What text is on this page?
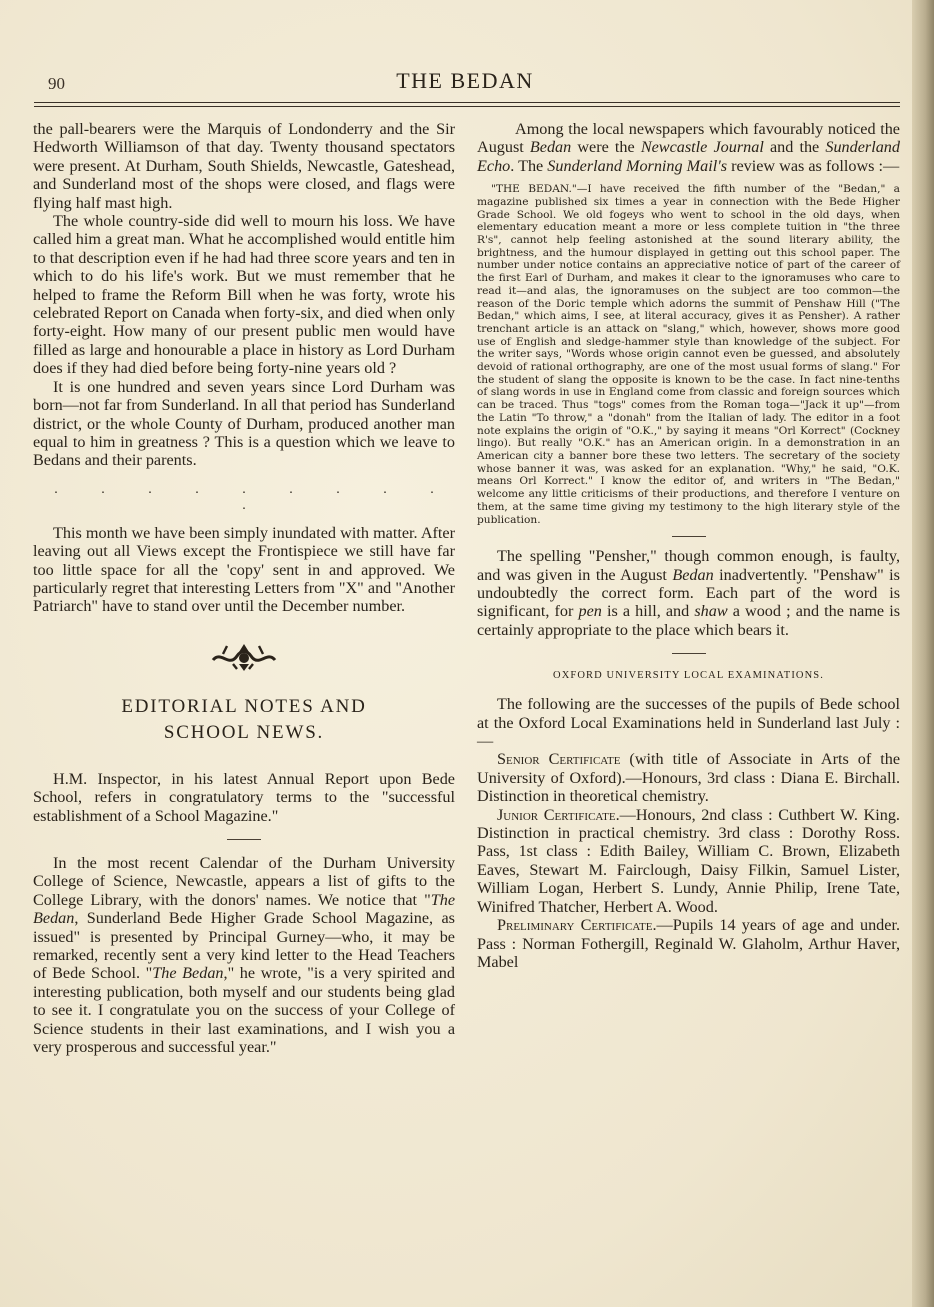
90	THE BEDAN

the pall-bearers were the Marquis of Londonderry and the Sir Hedworth Williamson of that day. Twenty thousand spectators were present. At Durham, South Shields, Newcastle, Gateshead, and Sunderland most of the shops were closed, and flags were flying half mast high.

The whole country-side did well to mourn his loss. We have called him a great man. What he accomplished would entitle him to that description even if he had had three score years and ten in which to do his life's work. But we must remember that he helped to frame the Reform Bill when he was forty, wrote his celebrated Report on Canada when forty-six, and died when only forty-eight. How many of our present public men would have filled as large and honourable a place in history as Lord Durham does if they had died before being forty-nine years old ?

It is one hundred and seven years since Lord Durham was born—not far from Sunderland. In all that period has Sunderland district, or the whole County of Durham, produced another man equal to him in greatness ? This is a question which we leave to Bedans and their parents.

. . . . . . . . . .

This month we have been simply inundated with matter. After leaving out all Views except the Frontispiece we still have far too little space for all the 'copy' sent in and approved. We particularly regret that interesting Letters from "X" and "Another Patriarch" have to stand over until the December number.

EDITORIAL NOTES AND
SCHOOL NEWS.

H.M. Inspector, in his latest Annual Report upon Bede School, refers in congratulatory terms to the "successful establishment of a School Magazine."

In the most recent Calendar of the Durham University College of Science, Newcastle, appears a list of gifts to the College Library, with the donors' names. We notice that "The Bedan, Sunderland Bede Higher Grade School Magazine, as issued" is presented by Principal Gurney—who, it may be remarked, recently sent a very kind letter to the Head Teachers of Bede School. "The Bedan," he wrote, "is a very spirited and interesting publication, both myself and our students being glad to see it. I congratulate you on the success of your College of Science students in their last examinations, and I wish you a very prosperous and successful year."

Among the local newspapers which favourably noticed the August Bedan were the Newcastle Journal and the Sunderland Echo. The Sunderland Morning Mail's review was as follows :—

"THE BEDAN."—I have received the fifth number of the "Bedan," a magazine published six times a year in connection with the Bede Higher Grade School. We old fogeys who went to school in the old days, when elementary education meant a more or less complete tuition in "the three R's", cannot help feeling astonished at the sound literary ability, the brightness, and the humour displayed in getting out this school paper. The number under notice contains an appreciative notice of part of the career of the first Earl of Durham, and makes it clear to the ignoramuses who care to read it—and alas, the ignoramuses on the subject are too common—the reason of the Doric temple which adorns the summit of Penshaw Hill ("The Bedan," which aims, I see, at literal accuracy, gives it as Pensher). A rather trenchant article is an attack on "slang," which, however, shows more good use of English and sledge-hammer style than knowledge of the subject. For the writer says, "Words whose origin cannot even be guessed, and absolutely devoid of rational orthography, are one of the most usual forms of slang." For the student of slang the opposite is known to be the case. In fact nine-tenths of slang words in use in England come from classic and foreign sources which can be traced. Thus "togs" comes from the Roman toga—"Jack it up"—from the Latin "To throw," a "donah" from the Italian of lady. The editor in a foot note explains the origin of "O.K.," by saying it means "Orl Korrect" (Cockney lingo). But really "O.K." has an American origin. In a demonstration in an American city a banner bore these two letters. The secretary of the society whose banner it was, was asked for an explanation. "Why," he said, "O.K. means Orl Korrect." I know the editor of, and writers in "The Bedan," welcome any little criticisms of their productions, and therefore I venture on them, at the same time giving my testimony to the high literary style of the publication.

The spelling "Pensher," though common enough, is faulty, and was given in the August Bedan inadvertently. "Penshaw" is undoubtedly the correct form. Each part of the word is significant, for pen is a hill, and shaw a wood ; and the name is certainly appropriate to the place which bears it.

OXFORD UNIVERSITY LOCAL EXAMINATIONS.

The following are the successes of the pupils of Bede school at the Oxford Local Examinations held in Sunderland last July :—

Senior Certificate (with title of Associate in Arts of the University of Oxford).—Honours, 3rd class : Diana E. Birchall. Distinction in theoretical chemistry.

Junior Certificate.—Honours, 2nd class : Cuthbert W. King. Distinction in practical chemistry. 3rd class : Dorothy Ross. Pass, 1st class : Edith Bailey, William C. Brown, Elizabeth Eaves, Stewart M. Fairclough, Daisy Filkin, Samuel Lister, William Logan, Herbert S. Lundy, Annie Philip, Irene Tate, Winifred Thatcher, Herbert A. Wood.

Preliminary Certificate.—Pupils 14 years of age and under. Pass : Norman Fothergill, Reginald W. Glaholm, Arthur Haver, Mabel
